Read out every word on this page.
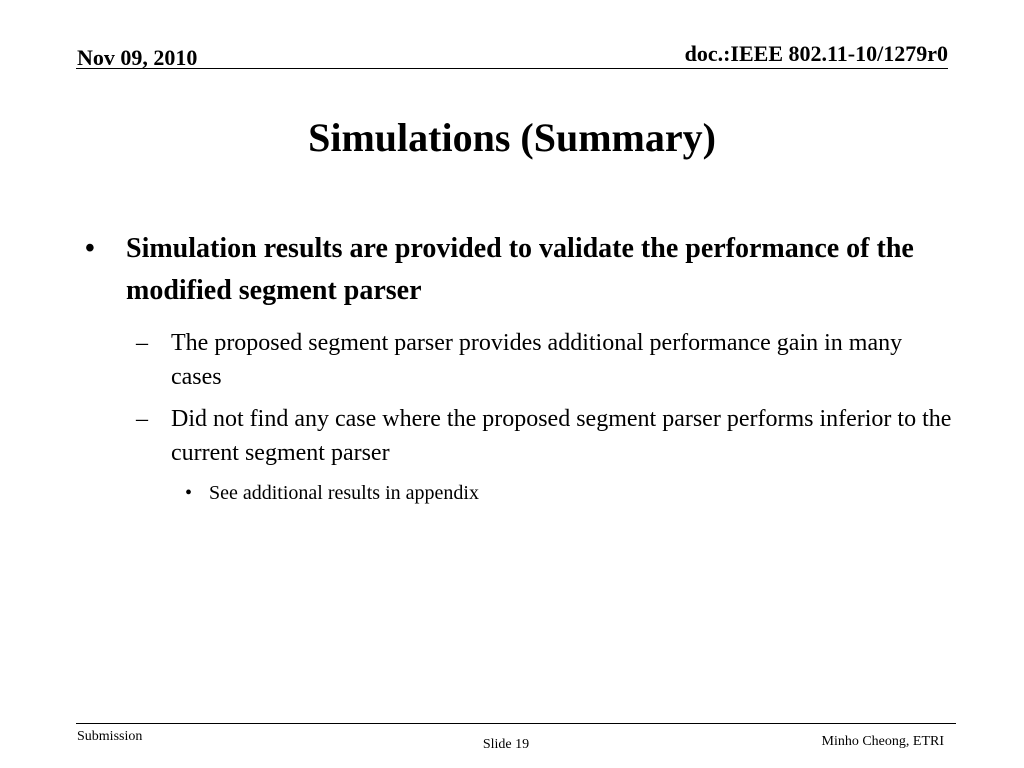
Nov 09, 2010	doc.:IEEE 802.11-10/1279r0
Simulations (Summary)
• Simulation results are provided to validate the performance of the modified segment parser
– The proposed segment parser provides additional performance gain in many cases
– Did not find any case where the proposed segment parser performs inferior to the current segment parser
• See additional results in appendix
Submission
Slide 19	Minho Cheong, ETRI
